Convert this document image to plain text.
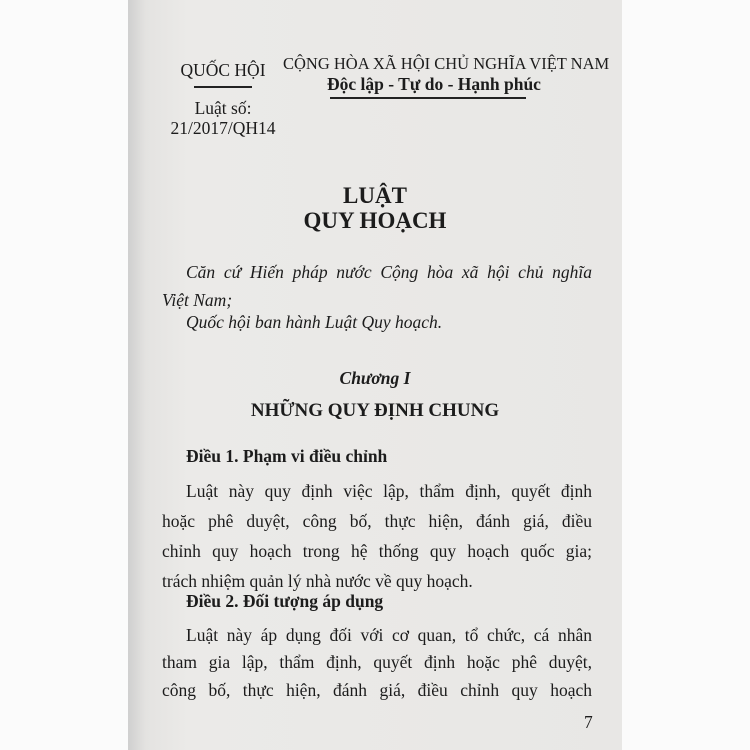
QUỐC HỘI
Luật số:
21/2017/QH14
CỘNG HÒA XÃ HỘI CHỦ NGHĨA VIỆT NAM
Độc lập - Tự do - Hạnh phúc
LUẬT
QUY HOẠCH
Căn cứ Hiến pháp nước Cộng hòa xã hội chủ nghĩa
Việt Nam;
Quốc hội ban hành Luật Quy hoạch.
Chương I
NHỮNG QUY ĐỊNH CHUNG
Điều 1. Phạm vi điều chỉnh
Luật này quy định việc lập, thẩm định, quyết định
hoặc phê duyệt, công bố, thực hiện, đánh giá, điều
chỉnh quy hoạch trong hệ thống quy hoạch quốc gia;
trách nhiệm quản lý nhà nước về quy hoạch.
Điều 2. Đối tượng áp dụng
Luật này áp dụng đối với cơ quan, tổ chức, cá nhân
tham gia lập, thẩm định, quyết định hoặc phê duyệt,
công bố, thực hiện, đánh giá, điều chỉnh quy hoạch
7
